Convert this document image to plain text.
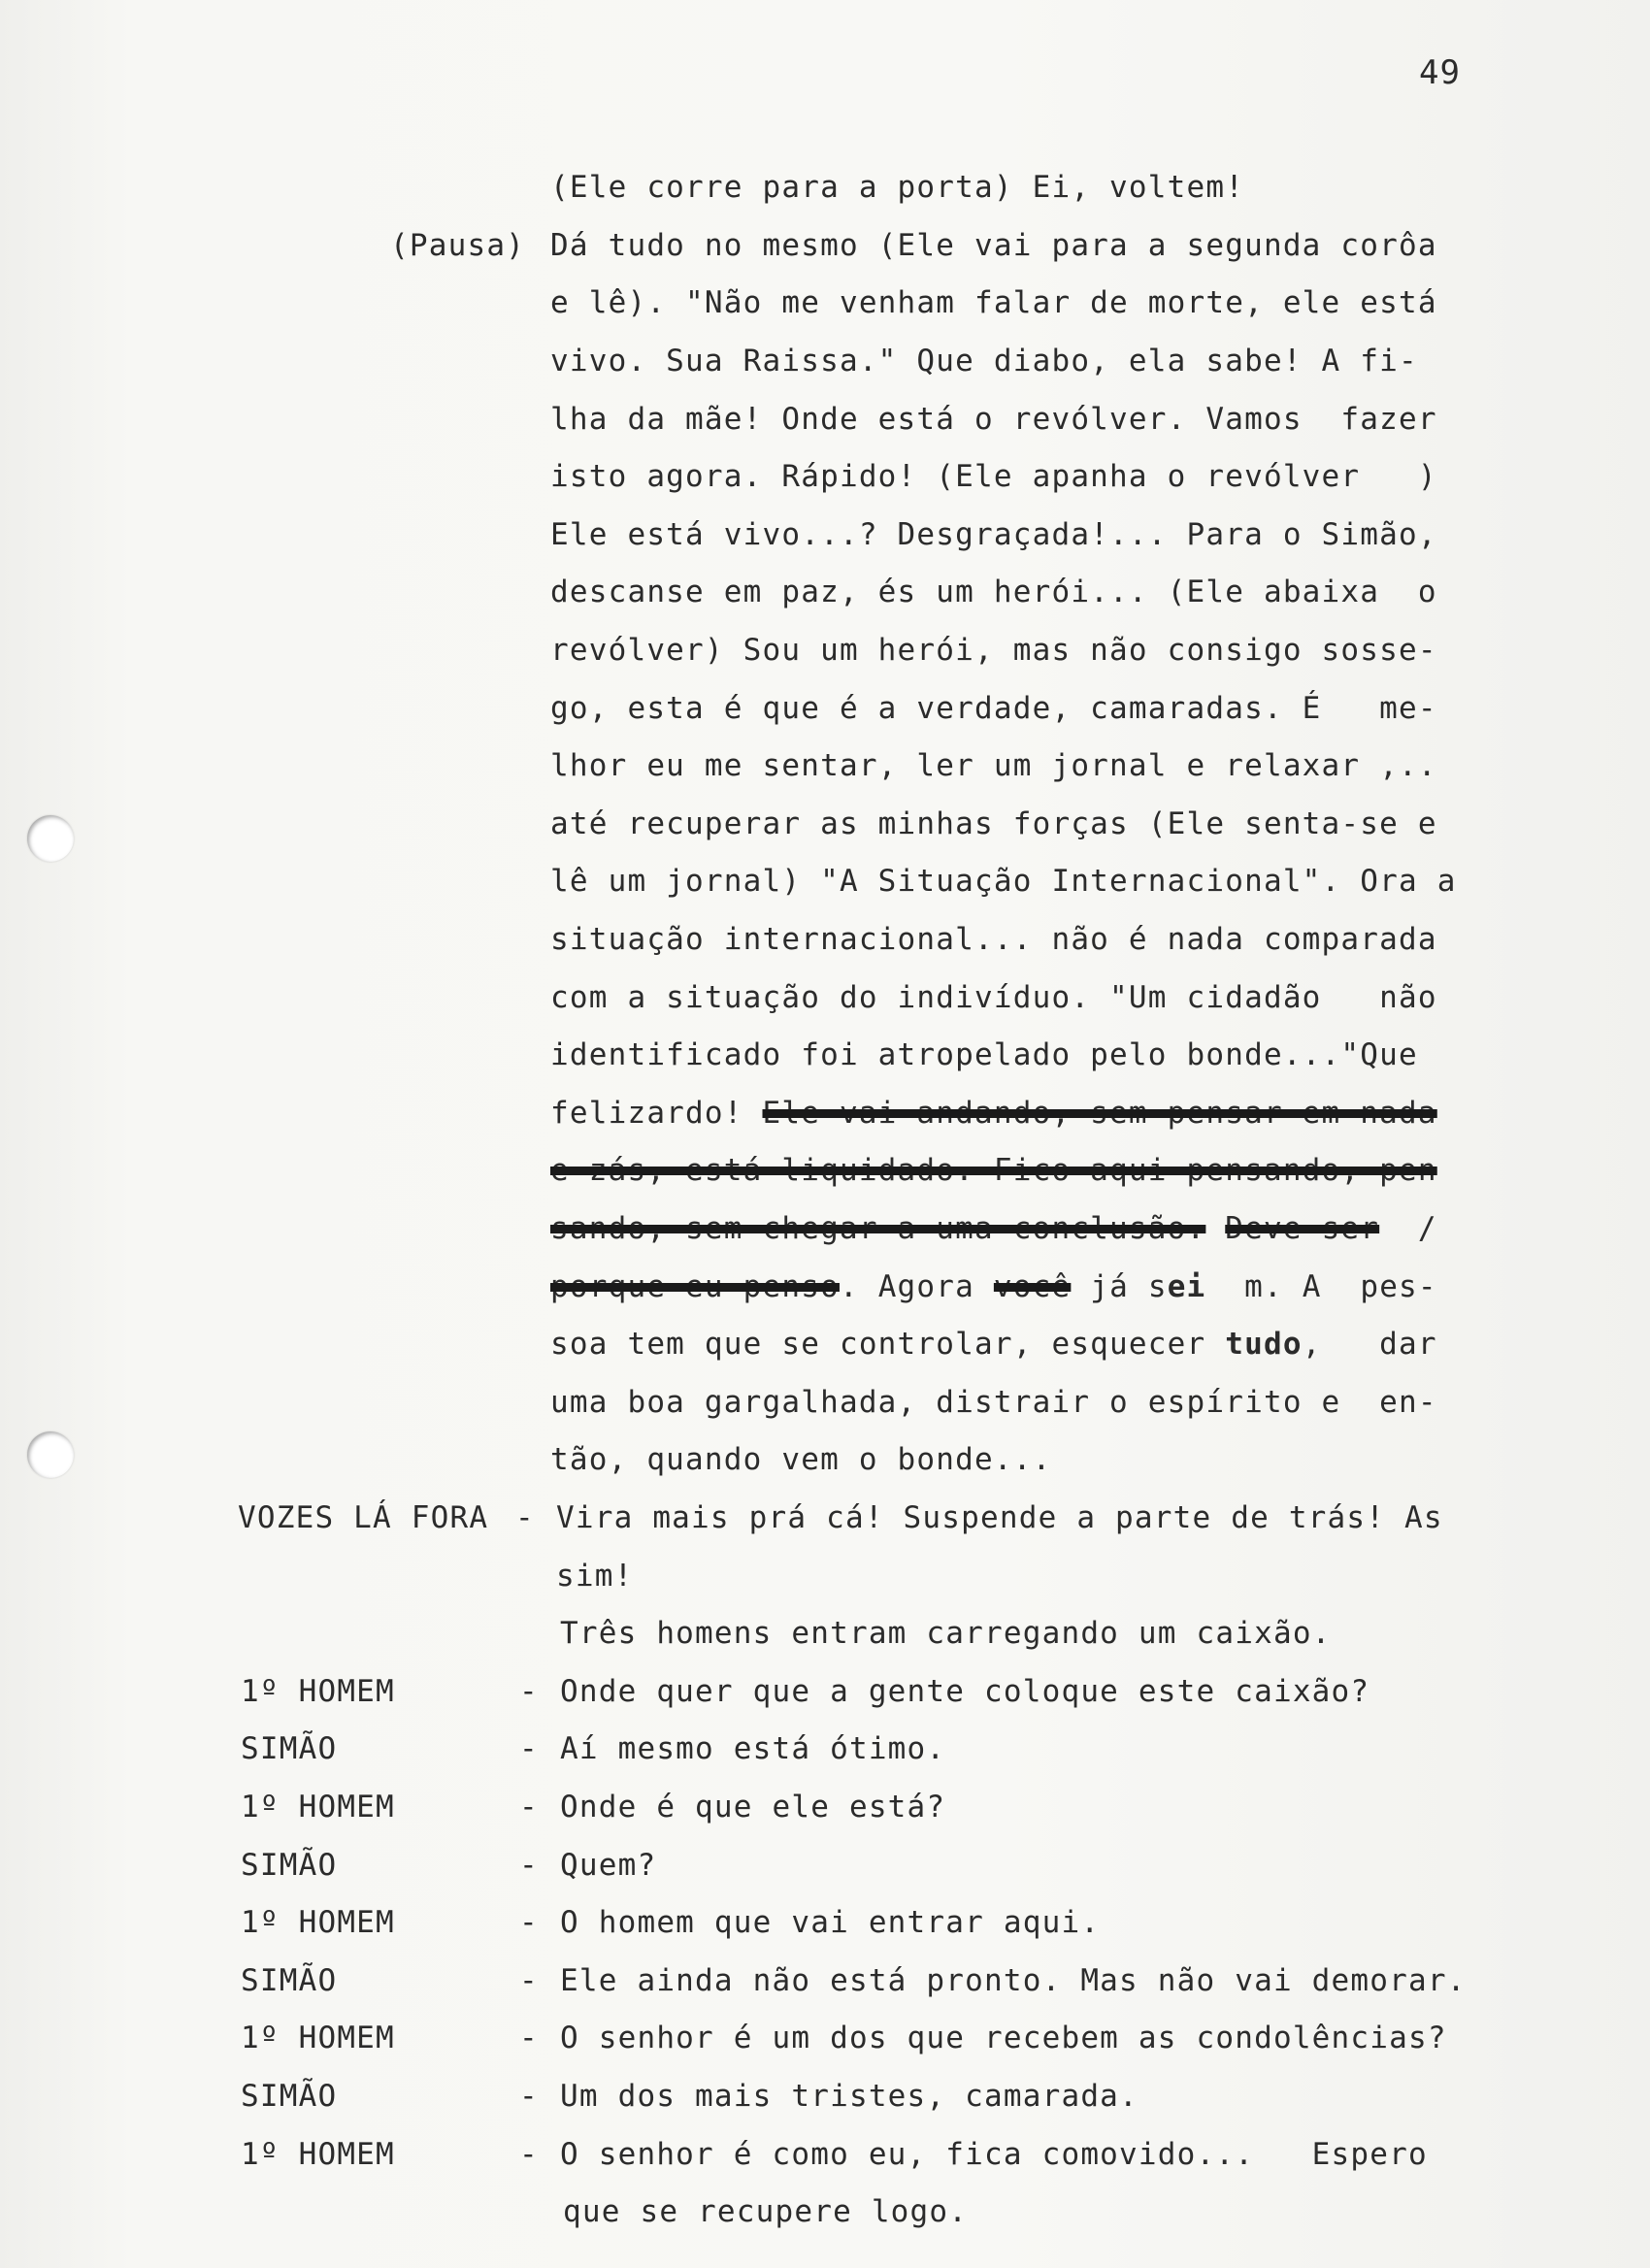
49
(Ele corre para a porta) Ei, voltem!
(Pausa) Dá tudo no mesmo (Ele vai para a segunda corôa
e lê). "Não me venham falar de morte, ele está
vivo. Sua Raissa." Que diabo, ela sabe! A fi-
lha da mãe! Onde está o revólver. Vamos  fazer
isto agora. Rápido! (Ele apanha o revólver   )
Ele está vivo...? Desgraçada!... Para o Simão,
descanse em paz, és um herói... (Ele abaixa  o
revólver) Sou um herói, mas não consigo sosse-
go, esta é que é a verdade, camaradas. É   me-
lhor eu me sentar, ler um jornal e relaxar ,..
até recuperar as minhas forças (Ele senta-se e
lê um jornal) "A Situação Internacional". Ora a
situação internacional... não é nada comparada
com a situação do indivíduo. "Um cidadão   não
identificado foi atropelado pelo bonde..."Que
felizardo! Ele vai andando, sem pensar em nada
e zás, está liquidado. Fico aqui pensando, pen
sando, sem chegar a uma conclusão. Deve ser  /
porque eu penso. Agora você já sei  m. A  pes-
soa tem que se controlar, esquecer tudo,   dar
uma boa gargalhada, distrair o espírito e  en-
tão, quando vem o bonde...
VOZES LÁ FORA - Vira mais prá cá! Suspende a parte de trás! As
sim!
Três homens entram carregando um caixão.
1º HOMEM	- Onde quer que a gente coloque este caixão?
SIMÃO	- Aí mesmo está ótimo.
1º HOMEM	- Onde é que ele está?
SIMÃO	- Quem?
1º HOMEM	- O homem que vai entrar aqui.
SIMÃO	- Ele ainda não está pronto. Mas não vai demorar.
1º HOMEM	- O senhor é um dos que recebem as condolências?
SIMÃO	- Um dos mais tristes, camarada.
1º HOMEM	- O senhor é como eu, fica comovido...   Espero
que se recupere logo.
